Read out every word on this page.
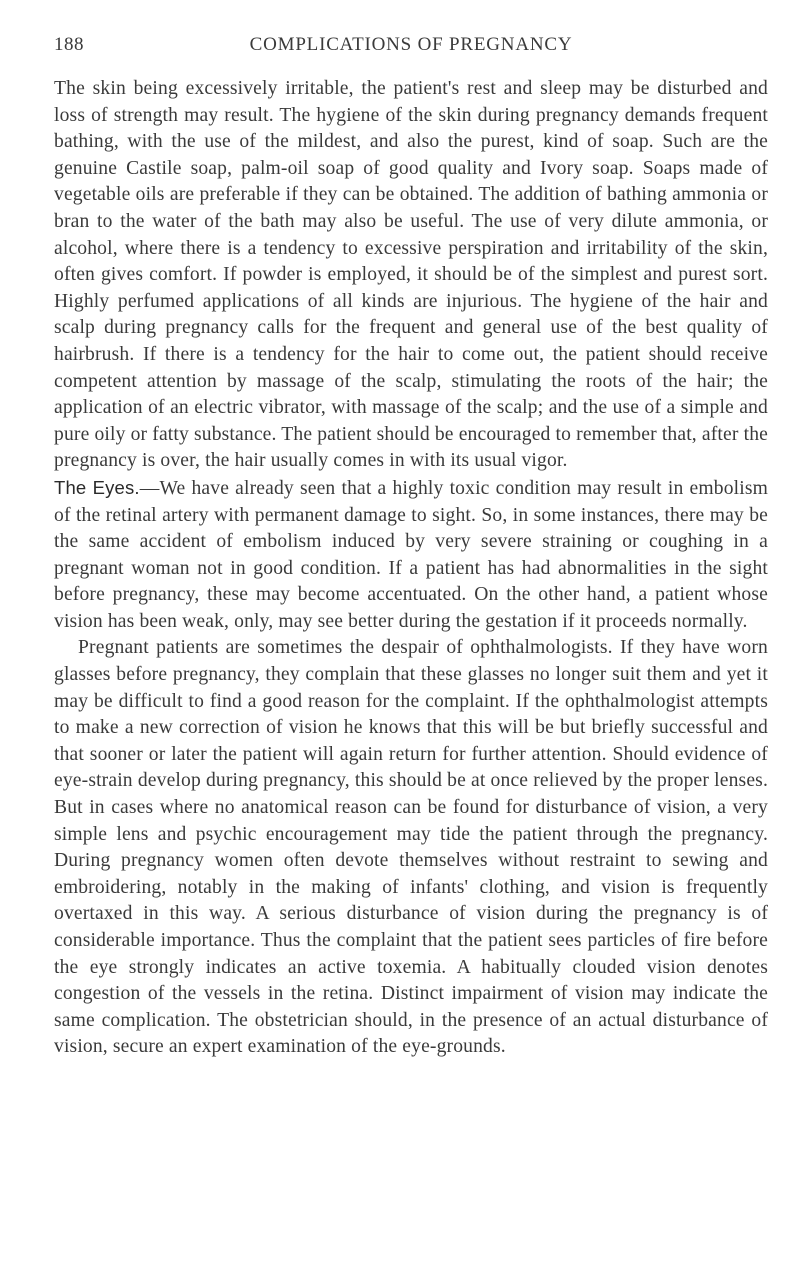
188	COMPLICATIONS OF PREGNANCY

The skin being excessively irritable, the patient's rest and sleep may be disturbed and loss of strength may result. The hygiene of the skin during pregnancy demands frequent bathing, with the use of the mildest, and also the purest, kind of soap. Such are the genuine Castile soap, palm-oil soap of good quality and Ivory soap. Soaps made of vegetable oils are preferable if they can be obtained. The addition of bathing ammonia or bran to the water of the bath may also be useful. The use of very dilute ammonia, or alcohol, where there is a tendency to excessive perspiration and irritability of the skin, often gives comfort. If powder is employed, it should be of the simplest and purest sort. Highly perfumed applications of all kinds are injurious. The hygiene of the hair and scalp during pregnancy calls for the frequent and general use of the best quality of hairbrush. If there is a tendency for the hair to come out, the patient should receive competent attention by massage of the scalp, stimulating the roots of the hair; the application of an electric vibrator, with massage of the scalp; and the use of a simple and pure oily or fatty substance. The patient should be encouraged to remember that, after the pregnancy is over, the hair usually comes in with its usual vigor.

The Eyes.—We have already seen that a highly toxic condition may result in embolism of the retinal artery with permanent damage to sight. So, in some instances, there may be the same accident of embolism induced by very severe straining or coughing in a pregnant woman not in good condition. If a patient has had abnormalities in the sight before pregnancy, these may become accentuated. On the other hand, a patient whose vision has been weak, only, may see better during the gestation if it proceeds normally.

Pregnant patients are sometimes the despair of ophthalmologists. If they have worn glasses before pregnancy, they complain that these glasses no longer suit them and yet it may be difficult to find a good reason for the complaint. If the ophthalmologist attempts to make a new correction of vision he knows that this will be but briefly successful and that sooner or later the patient will again return for further attention. Should evidence of eye-strain develop during pregnancy, this should be at once relieved by the proper lenses. But in cases where no anatomical reason can be found for disturbance of vision, a very simple lens and psychic encouragement may tide the patient through the pregnancy. During pregnancy women often devote themselves without restraint to sewing and embroidering, notably in the making of infants' clothing, and vision is frequently overtaxed in this way. A serious disturbance of vision during the pregnancy is of considerable importance. Thus the complaint that the patient sees particles of fire before the eye strongly indicates an active toxemia. A habitually clouded vision denotes congestion of the vessels in the retina. Distinct impairment of vision may indicate the same complication. The obstetrician should, in the presence of an actual disturbance of vision, secure an expert examination of the eye-grounds.
